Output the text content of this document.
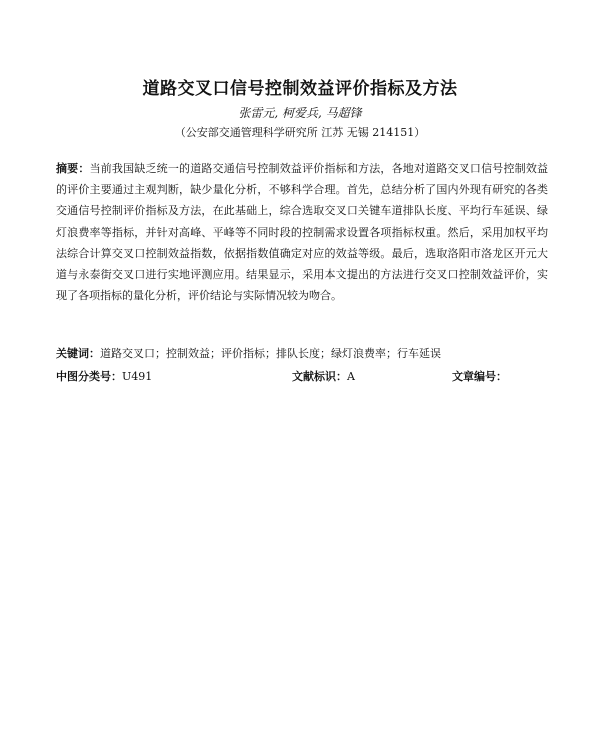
道路交叉口信号控制效益评价指标及方法
张雷元, 柯爱兵, 马超锋
（公安部交通管理科学研究所 江苏 无锡 214151）
摘要：当前我国缺乏统一的道路交通信号控制效益评价指标和方法，各地对道路交叉口信号控制效益的评价主要通过主观判断，缺少量化分析，不够科学合理。首先，总结分析了国内外现有研究的各类交通信号控制评价指标及方法，在此基础上，综合选取交叉口关键车道排队长度、平均行车延误、绿灯浪费率等指标，并针对高峰、平峰等不同时段的控制需求设置各项指标权重。然后，采用加权平均法综合计算交叉口控制效益指数，依据指数值确定对应的效益等级。最后，选取洛阳市洛龙区开元大道与永泰街交叉口进行实地评测应用。结果显示，采用本文提出的方法进行交叉口控制效益评价，实现了各项指标的量化分析，评价结论与实际情况较为吻合。
关键词：道路交叉口；控制效益；评价指标；排队长度；绿灯浪费率；行车延误
中图分类号：U491	文献标识：A	文章编号：
